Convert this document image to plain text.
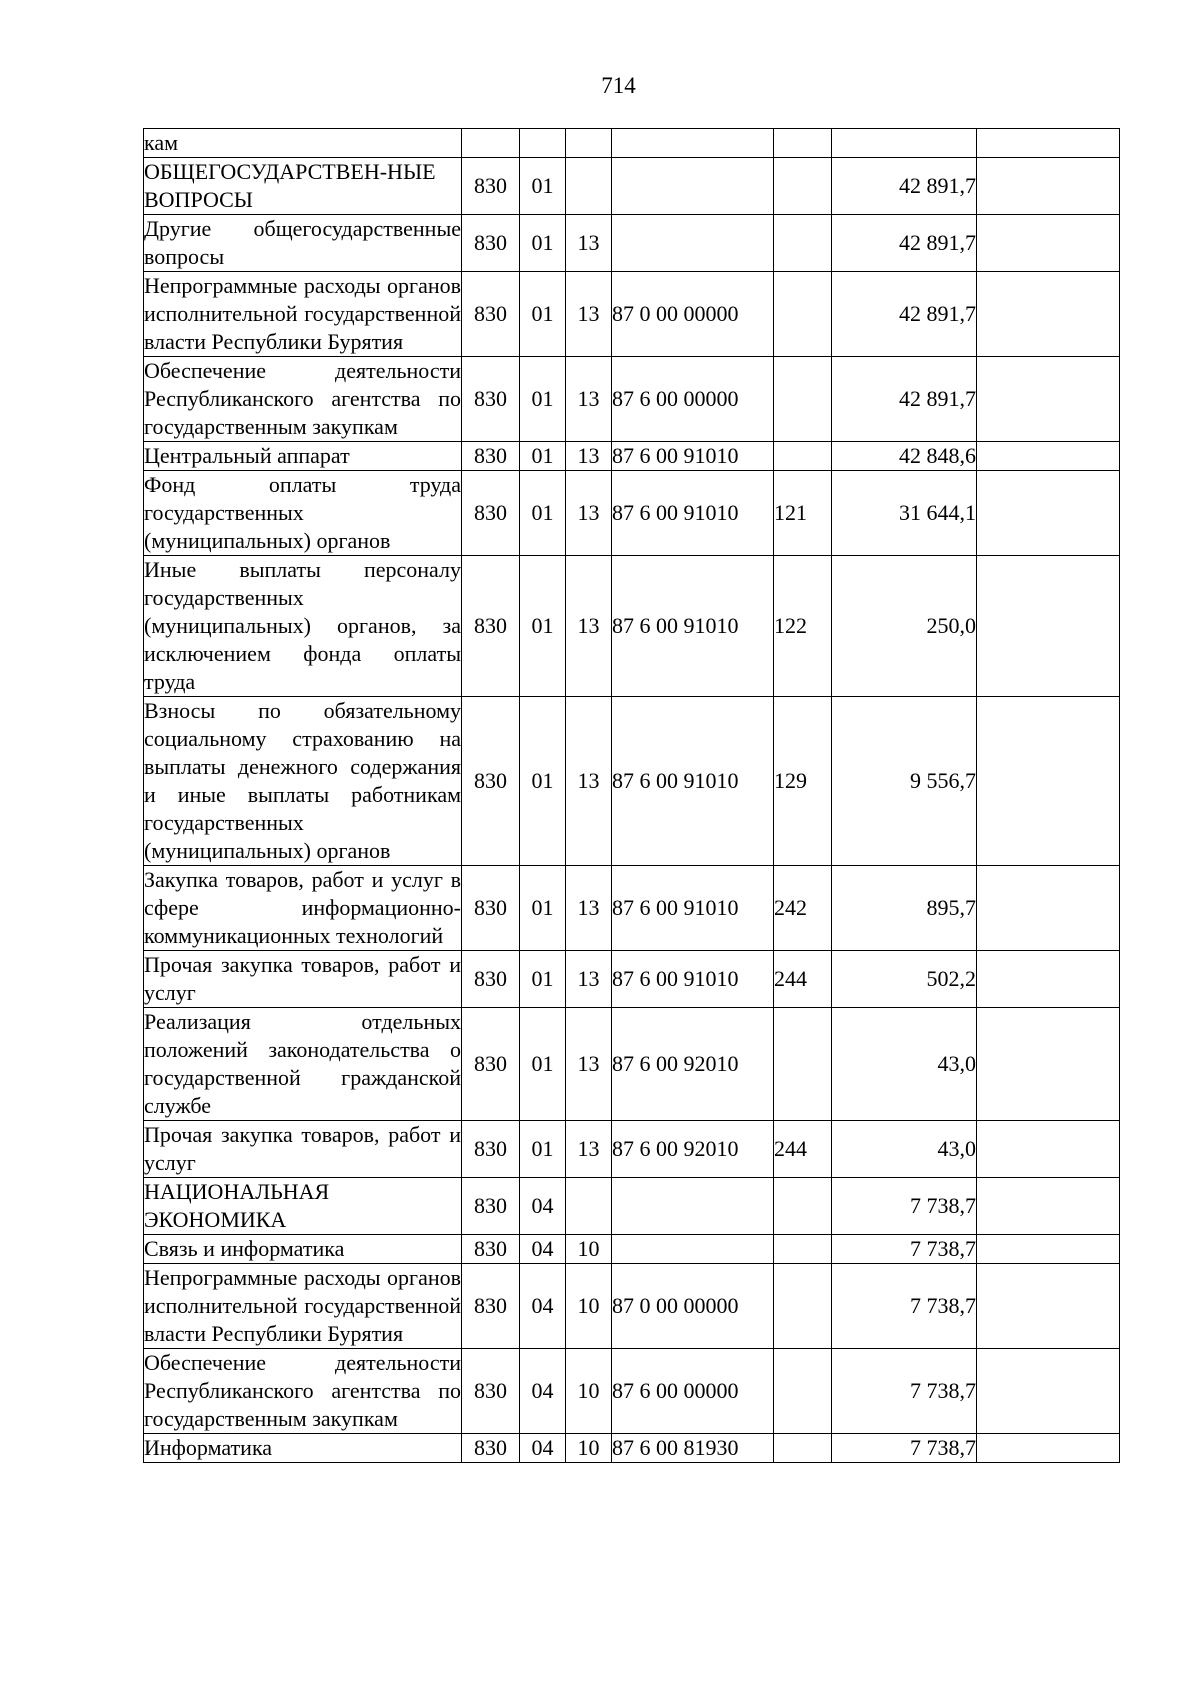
714
кам							
ОБЩЕГОСУДАРСТВЕН-НЫЕ ВОПРОСЫ	830	01				42 891,7	
Другие общегосударственные вопросы	830	01	13			42 891,7	
Непрограммные расходы органов исполнительной государственной власти Республики Бурятия	830	01	13	87 0 00 00000		42 891,7	
Обеспечение деятельности Республиканского агентства по государственным закупкам	830	01	13	87 6 00 00000		42 891,7	
Центральный аппарат	830	01	13	87 6 00 91010		42 848,6	
Фонд оплаты труда государственных (муниципальных) органов	830	01	13	87 6 00 91010	121	31 644,1	
Иные выплаты персоналу государственных (муниципальных) органов, за исключением фонда оплаты труда	830	01	13	87 6 00 91010	122	250,0	
Взносы по обязательному социальному страхованию на выплаты денежного содержания и иные выплаты работникам государственных (муниципальных) органов	830	01	13	87 6 00 91010	129	9 556,7	
Закупка товаров, работ и услуг в сфере информационно-коммуникационных технологий	830	01	13	87 6 00 91010	242	895,7	
Прочая закупка товаров, работ и услуг	830	01	13	87 6 00 91010	244	502,2	
Реализация отдельных положений законодательства о государственной гражданской службе	830	01	13	87 6 00 92010		43,0	
Прочая закупка товаров, работ и услуг	830	01	13	87 6 00 92010	244	43,0	
НАЦИОНАЛЬНАЯ ЭКОНОМИКА	830	04				7 738,7	
Связь и информатика	830	04	10			7 738,7	
Непрограммные расходы органов исполнительной государственной власти Республики Бурятия	830	04	10	87 0 00 00000		7 738,7	
Обеспечение деятельности Республиканского агентства по государственным закупкам	830	04	10	87 6 00 00000		7 738,7	
Информатика	830	04	10	87 6 00 81930		7 738,7	
